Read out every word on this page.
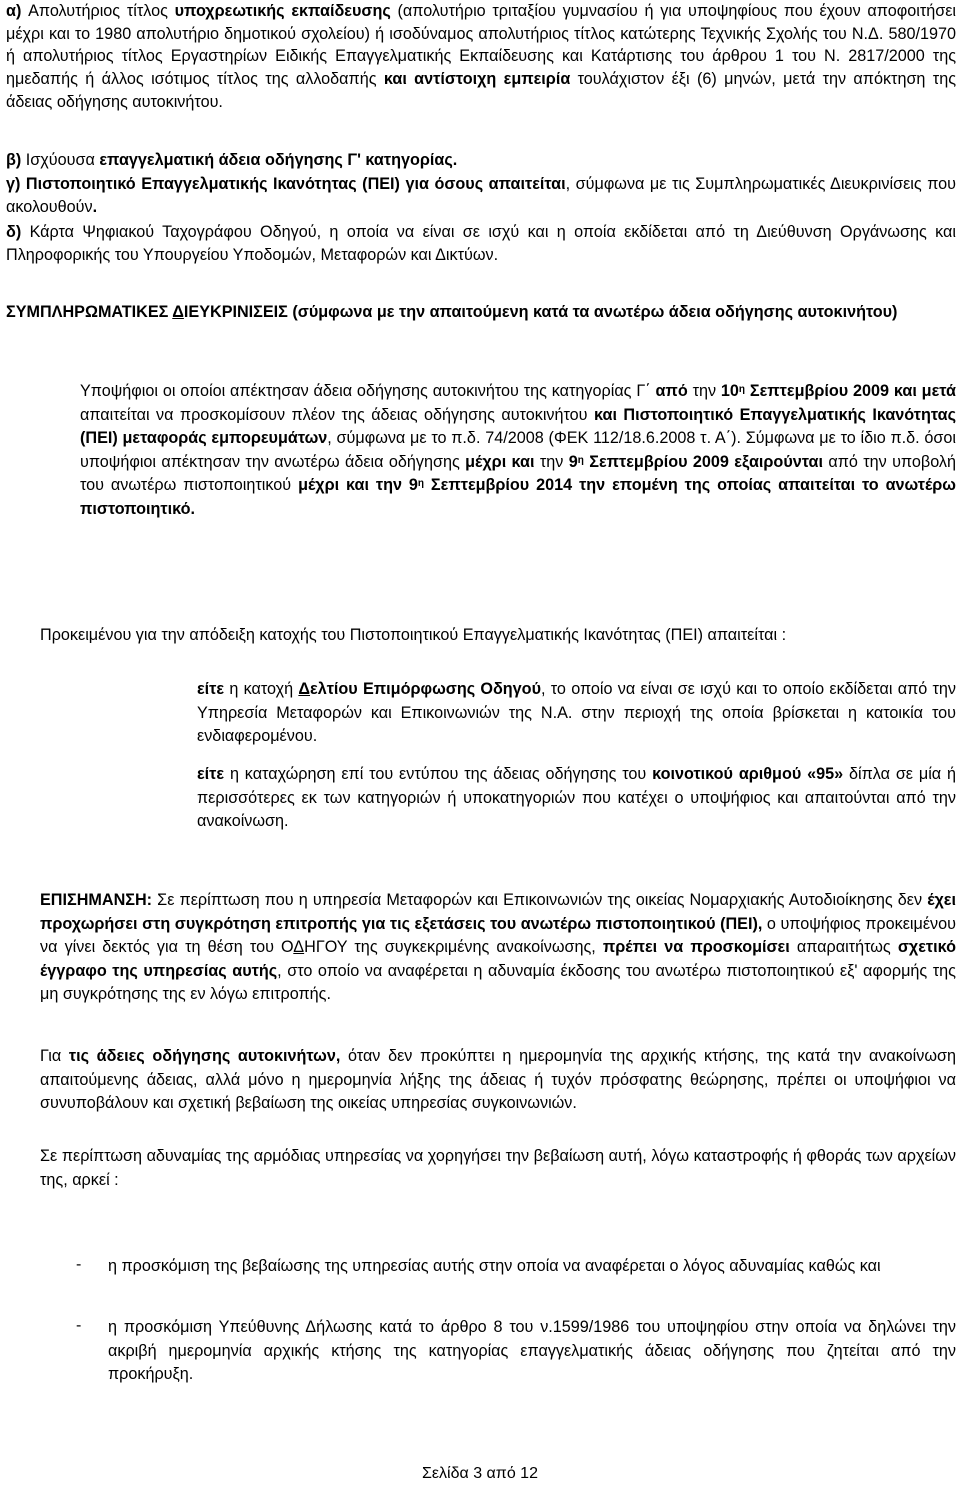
α) Απολυτήριος τίτλος υποχρεωτικής εκπαίδευσης (απολυτήριο τριταξίου γυμνασίου ή για υποψηφίους που έχουν αποφοιτήσει μέχρι και το 1980 απολυτήριο δημοτικού σχολείου) ή ισοδύναμος απολυτήριος τίτλος κατώτερης Τεχνικής Σχολής του Ν.Δ. 580/1970 ή απολυτήριος τίτλος Εργαστηρίων Ειδικής Επαγγελματικής Εκπαίδευσης και Κατάρτισης του άρθρου 1 του Ν. 2817/2000 της ημεδαπής ή άλλος ισότιμος τίτλος της αλλοδαπής και αντίστοιχη εμπειρία τουλάχιστον έξι (6) μηνών, μετά την απόκτηση της άδειας οδήγησης αυτοκινήτου.
β) Ισχύουσα επαγγελματική άδεια οδήγησης Γ' κατηγορίας.
γ) Πιστοποιητικό Επαγγελματικής Ικανότητας (ΠΕΙ) για όσους απαιτείται, σύμφωνα με τις Συμπληρωματικές Διευκρινίσεις που ακολουθούν.
δ) Κάρτα Ψηφιακού Ταχογράφου Οδηγού, η οποία να είναι σε ισχύ και η οποία εκδίδεται από τη Διεύθυνση Οργάνωσης και Πληροφορικής του Υπουργείου Υποδομών, Μεταφορών και Δικτύων.
ΣΥΜΠΛΗΡΩΜΑΤΙΚΕΣ ΔΙΕΥΚΡΙΝΙΣΕΙΣ (σύμφωνα με την απαιτούμενη κατά τα ανωτέρω άδεια οδήγησης αυτοκινήτου)
Υποψήφιοι οι οποίοι απέκτησαν άδεια οδήγησης αυτοκινήτου της κατηγορίας Γ΄ από την $10^\eta$ Σεπτεμβρίου 2009 και μετά απαιτείται να προσκομίσουν πλέον της άδειας οδήγησης αυτοκινήτου και Πιστοποιητικό Επαγγελματικής Ικανότητας (ΠΕΙ) μεταφοράς εμπορευμάτων, σύμφωνα με το π.δ. 74/2008 (ΦΕΚ 112/18.6.2008 τ. Α΄). Σύμφωνα με το ίδιο π.δ. όσοι υποψήφιοι απέκτησαν την ανωτέρω άδεια οδήγησης μέχρι και την $9^\eta$ Σεπτεμβρίου 2009 εξαιρούνται από την υποβολή του ανωτέρω πιστοποιητικού μέχρι και την $9^\eta$ Σεπτεμβρίου 2014 την επομένη της οποίας απαιτείται το ανωτέρω πιστοποιητικό.
Προκειμένου για την απόδειξη κατοχής του Πιστοποιητικού Επαγγελματικής Ικανότητας (ΠΕΙ) απαιτείται :
είτε η κατοχή Δελτίου Επιμόρφωσης Οδηγού, το οποίο να είναι σε ισχύ και το οποίο εκδίδεται από την Υπηρεσία Μεταφορών και Επικοινωνιών της Ν.Α. στην περιοχή της οποία βρίσκεται η κατοικία του ενδιαφερομένου.
είτε η καταχώρηση επί του εντύπου της άδειας οδήγησης του κοινοτικού αριθμού «95» δίπλα σε μία ή περισσότερες εκ των κατηγοριών ή υποκατηγοριών που κατέχει ο υποψήφιος και απαιτούνται από την ανακοίνωση.
ΕΠΙΣΗΜΑΝΣΗ: Σε περίπτωση που η υπηρεσία Μεταφορών και Επικοινωνιών της οικείας Νομαρχιακής Αυτοδιοίκησης δεν έχει προχωρήσει στη συγκρότηση επιτροπής για τις εξετάσεις του ανωτέρω πιστοποιητικού (ΠΕΙ), ο υποψήφιος προκειμένου να γίνει δεκτός για τη θέση του ΟΔΗΓΟΥ της συγκεκριμένης ανακοίνωσης, πρέπει να προσκομίσει απαραιτήτως σχετικό έγγραφο της υπηρεσίας αυτής, στο οποίο να αναφέρεται η αδυναμία έκδοσης του ανωτέρω πιστοποιητικού εξ' αφορμής της μη συγκρότησης της εν λόγω επιτροπής.
Για τις άδειες οδήγησης αυτοκινήτων, όταν δεν προκύπτει η ημερομηνία της αρχικής κτήσης, της κατά την ανακοίνωση απαιτούμενης άδειας, αλλά μόνο η ημερομηνία λήξης της άδειας ή τυχόν πρόσφατης θεώρησης, πρέπει οι υποψήφιοι να συνυποβάλουν και σχετική βεβαίωση της οικείας υπηρεσίας συγκοινωνιών.
Σε περίπτωση αδυναμίας της αρμόδιας υπηρεσίας να χορηγήσει την βεβαίωση αυτή, λόγω καταστροφής ή φθοράς των αρχείων της, αρκεί :
- η προσκόμιση της βεβαίωσης της υπηρεσίας αυτής στην οποία να αναφέρεται ο λόγος αδυναμίας καθώς και
- η προσκόμιση Υπεύθυνης Δήλωσης κατά το άρθρο 8 του ν.1599/1986 του υποψηφίου στην οποία να δηλώνει την ακριβή ημερομηνία αρχικής κτήσης της κατηγορίας επαγγελματικής άδειας οδήγησης που ζητείται από την προκήρυξη.
Σελίδα 3 από 12
